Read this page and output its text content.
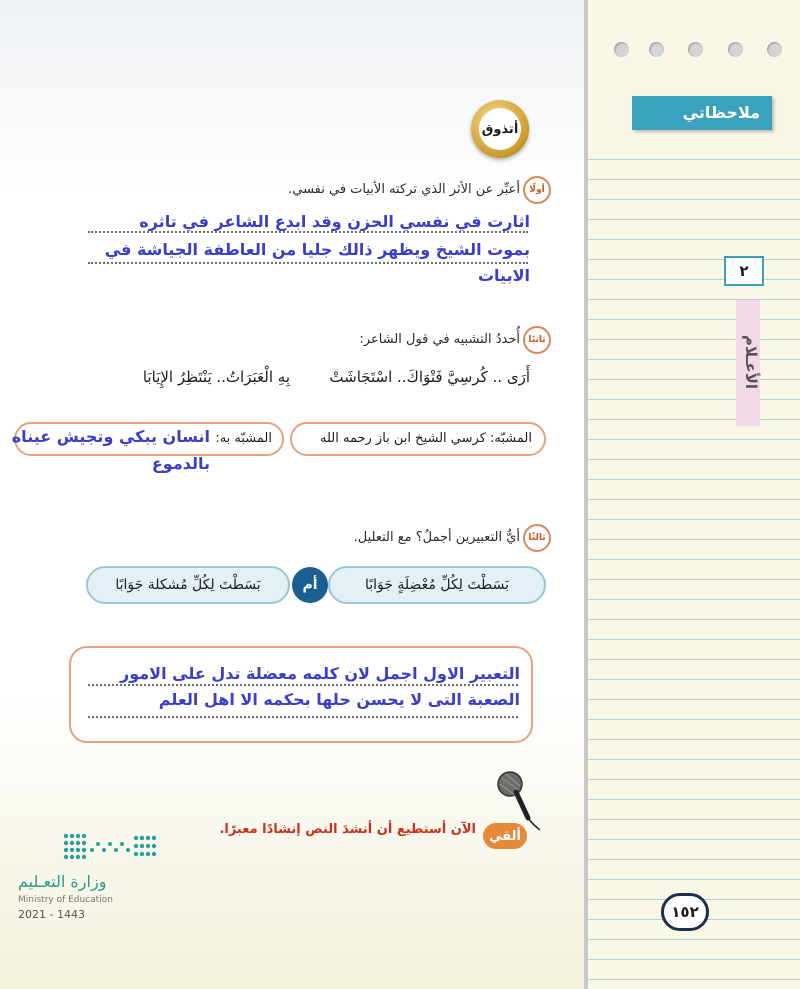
أتذوق
أولًا
أعبِّر عن الأثر الذي تركته الأبيات في نفسي.
اثارت في نفسي الحزن وقد ابدع الشاعر في تاثره
بموت الشيخ ويظهر ذالك جليا من العاطفة الجياشة في
الابيات
ثانيًا
أُحددُ التشبيه في قول الشاعر:
أَرَى .. كُرسِيَّ فَتْوَاكَ.. اسْتَجَاشَتْ
بِهِ الْعَبَرَاتُ.. يَنْتَظِرُ الإِيَابَا
المشبّه: كرسي الشيخ ابن باز رحمه الله
المشبّه به:
انسان يبكي وتجيش عيناه
بالدموع
ثالثًا
أيُّ التعبيرين أجملُ؟ مع التعليل.
بَسَطْتَ لِكُلِّ مُعْضِلَةٍ جَوَابًا
أم
بَسَطْتَ لِكُلِّ مُشكلة جَوَابًا
التعبير الاول اجمل لان كلمه معضلة تدل على الامور
الصعبة التى لا يحسن حلها بحكمه الا اهل العلم
ألقي
الآن أستطيع أن أنشدَ النص إنشادًا معبرًا.
وزارة التعـليم
Ministry of Education
2021 - 1443
ملاحظاتي
٢
الأعـلام
١٥٢
